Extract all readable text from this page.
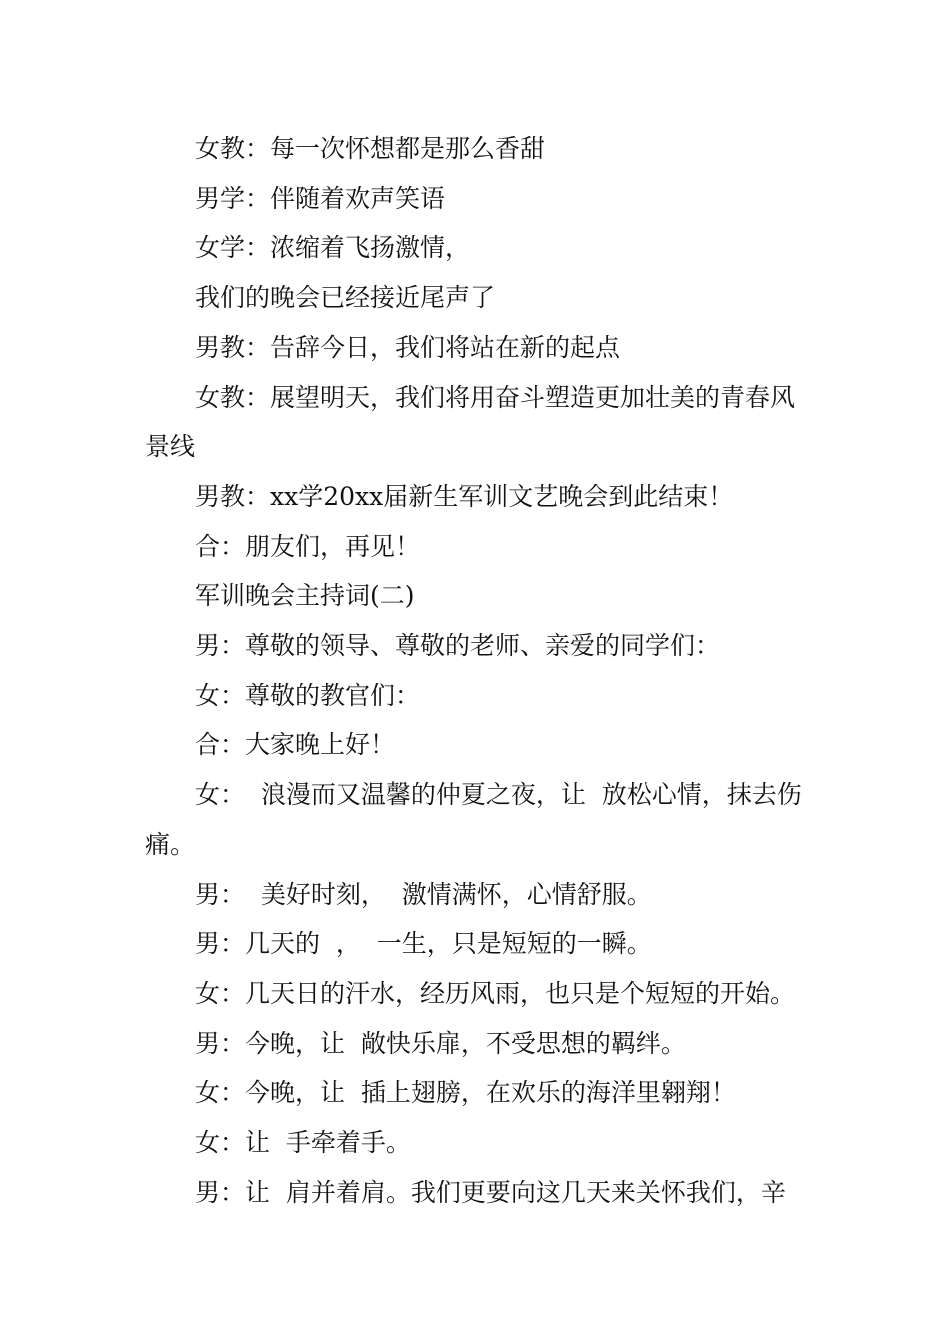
女教：每一次怀想都是那么香甜

男学：伴随着欢声笑语

女学：浓缩着飞扬激情，

我们的晚会已经接近尾声了

男教：告辞今日，我们将站在新的起点

女教：展望明天，我们将用奋斗塑造更加壮美的青春风景线

男教：xx学20xx届新生军训文艺晚会到此结束！

合：朋友们，再见！

军训晚会主持词(二)

男：尊敬的领导、尊敬的老师、亲爱的同学们：

女：尊敬的教官们：

合：大家晚上好！

女：  浪漫而又温馨的仲夏之夜，让  放松心情，抹去伤痛。

男：  美好时刻，  激情满怀，心情舒服。

男：几天的  ，  一生，只是短短的一瞬。

女：几天日的汗水，经历风雨，也只是个短短的开始。

男：今晚，让  敞快乐扉，不受思想的羁绊。

女：今晚，让  插上翅膀，在欢乐的海洋里翱翔！

女：让  手牵着手。

男：让  肩并着肩。我们更要向这几天来关怀我们，辛
